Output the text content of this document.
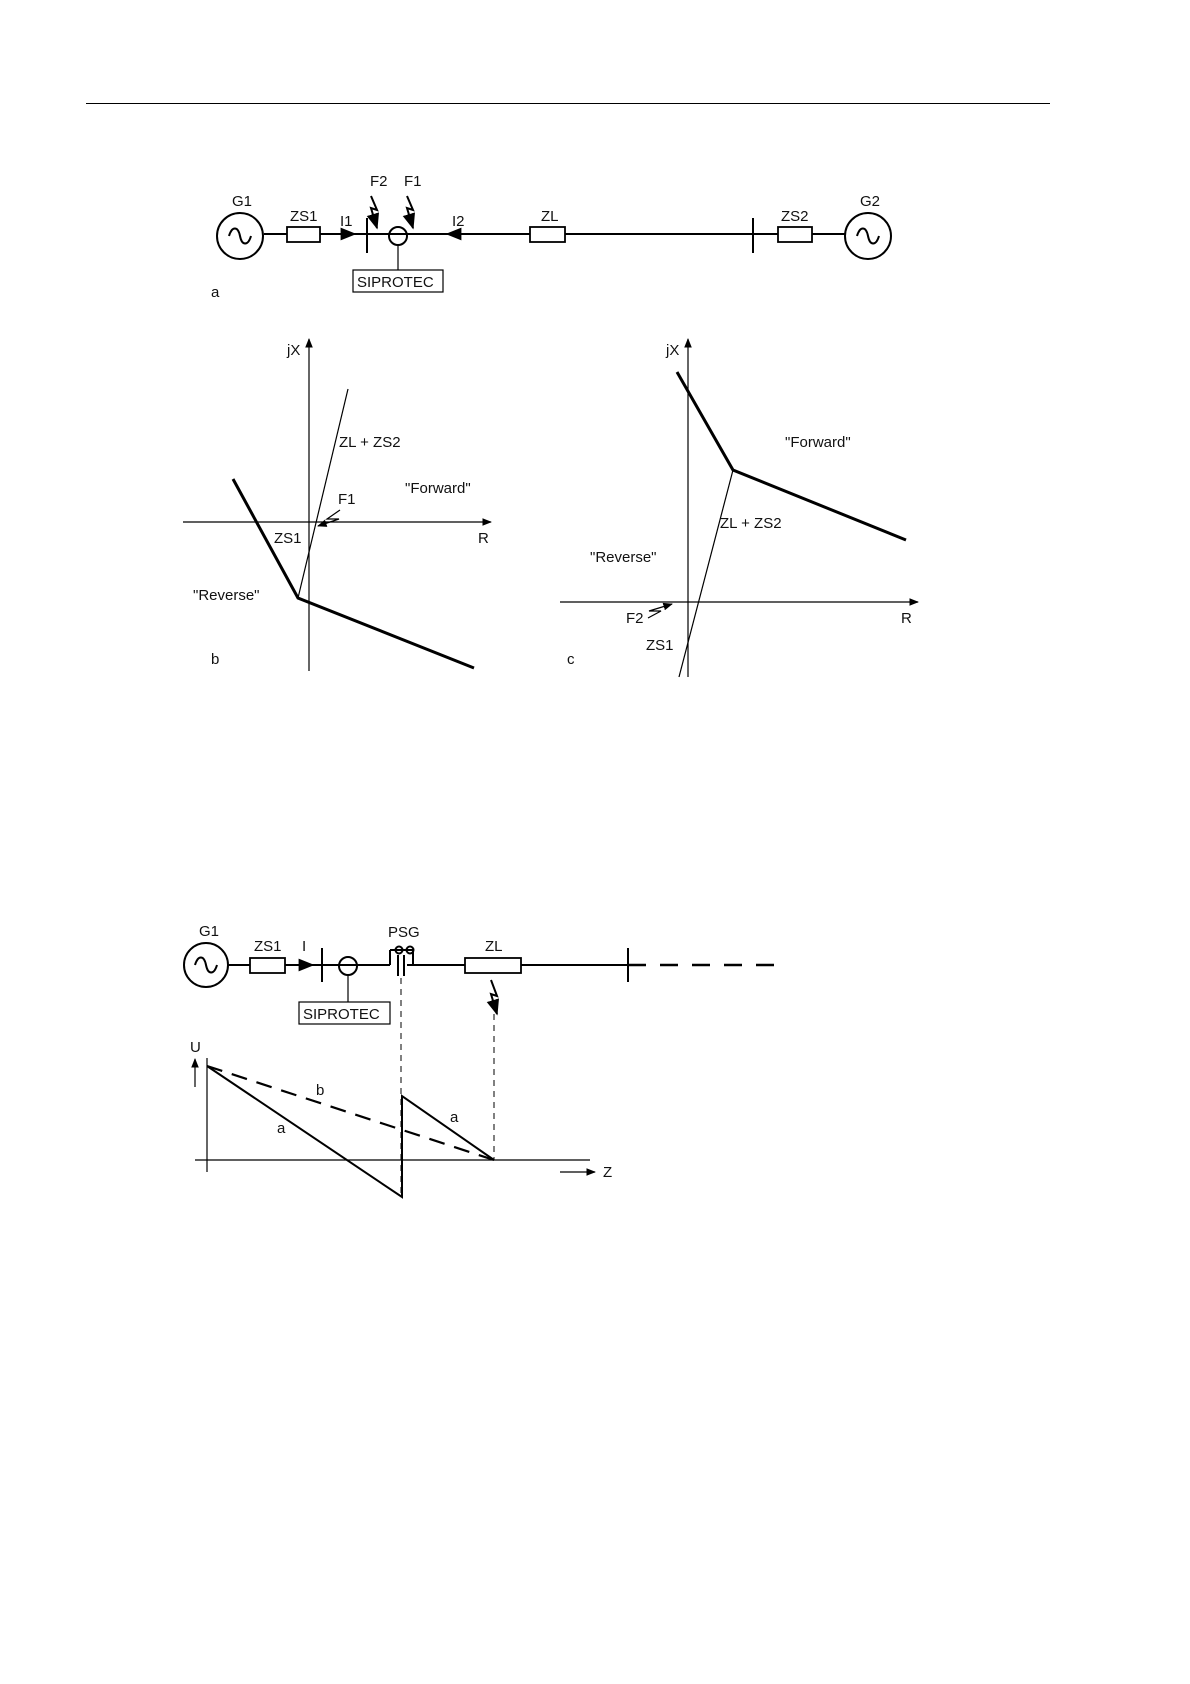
G1
ZS1 I1
SIPROTEC
F2 F1
I2	ZL	ZS2
G2
a
jX
R
ZL + ZS2
"Forward"
"Reverse"
F1
ZS1
b
jX
R
ZL + ZS2
"Forward"
"Reverse"
F2
ZS1
c
G1
ZS1 I
SIPROTEC
PSG
ZL
U
Z
a
b
a
